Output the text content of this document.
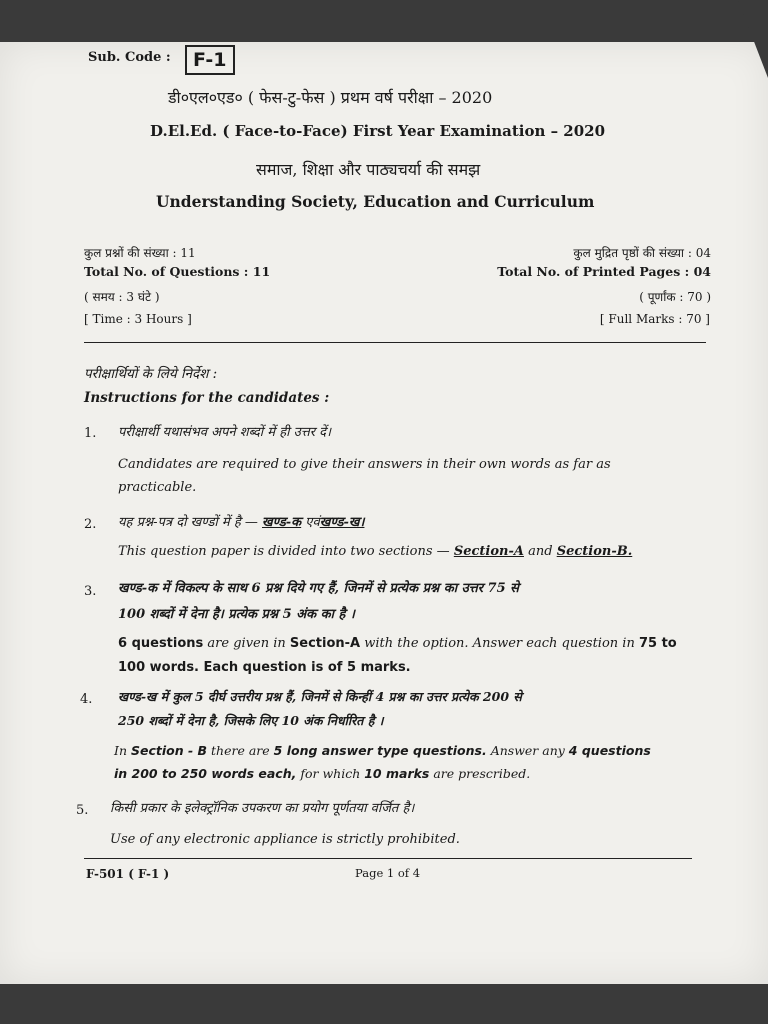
Sub. Code :	F-1
डी०एल०एड० ( फेस-टु-फेस ) प्रथम वर्ष परीक्षा – 2020
D.El.Ed. ( Face-to-Face) First Year Examination – 2020
समाज, शिक्षा और पाठ्यचर्या की समझ
Understanding Society, Education and Curriculum
कुल प्रश्नों की संख्या : 11
Total No. of Questions : 11
( समय : 3 घंटे )
[ Time : 3 Hours ]
कुल मुद्रित पृष्ठों की संख्या : 04
Total No. of Printed Pages : 04
( पूर्णांक : 70 )
[ Full Marks : 70 ]
परीक्षार्थियों के लिये निर्देश :
Instructions for the candidates :
1. परीक्षार्थी यथासंभव अपने शब्दों में ही उत्तर दें।
Candidates are required to give their answers in their own words as far as
practicable.
2. यह प्रश्न-पत्र दो खण्डों में है — खण्ड-क एवंखण्ड-ख।
This question paper is divided into two sections — Section-A and Section-B.
3. खण्ड-क में विकल्प के साथ 6 प्रश्न दिये गए हैं, जिनमें से प्रत्येक प्रश्न का उत्तर 75 से
100 शब्दों में देना है। प्रत्येक प्रश्न 5 अंक का है ।
6 questions are given in Section-A with the option. Answer each question in 75 to
100 words. Each question is of 5 marks.
4. खण्ड-ख में कुल 5 दीर्घ उत्तरीय प्रश्न हैं, जिनमें से किन्हीं 4 प्रश्न का उत्तर प्रत्येक 200 से
250 शब्दों में देना है, जिसके लिए 10 अंक निर्धारित है ।
In Section - B there are 5 long answer type questions. Answer any 4 questions
in 200 to 250 words each, for which 10 marks are prescribed.
5. किसी प्रकार के इलेक्ट्रॉनिक उपकरण का प्रयोग पूर्णतया वर्जित है।
Use of any electronic appliance is strictly prohibited.
F-501 ( F-1 )	Page 1 of 4
